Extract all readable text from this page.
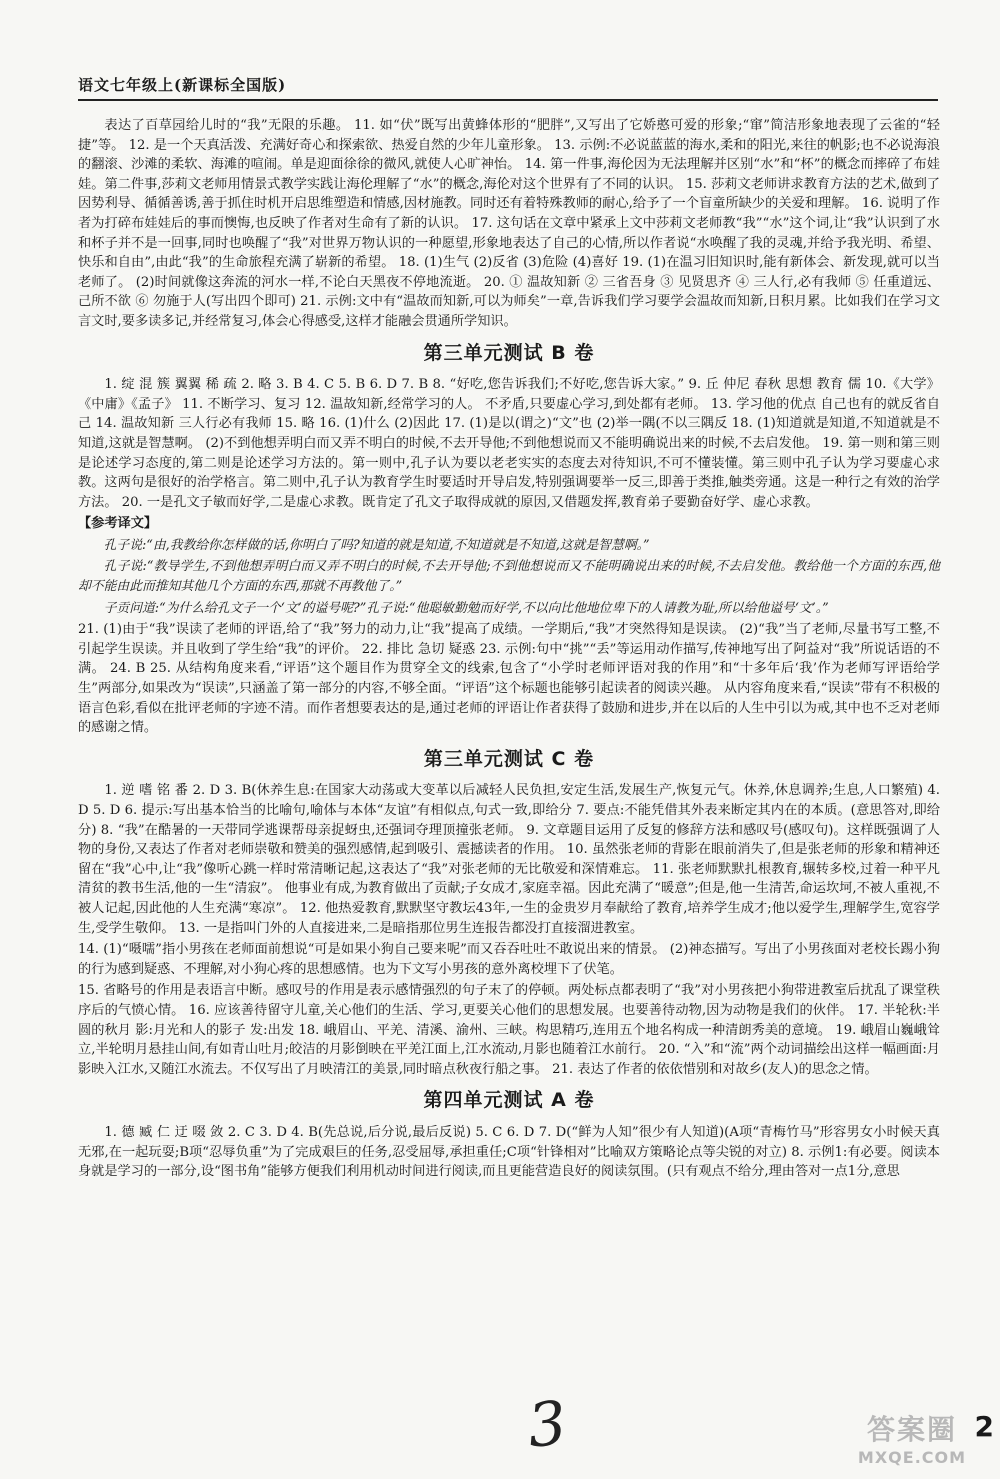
语文七年级上(新课标全国版)

表达了百草园给儿时的“我”无限的乐趣。 11. 如“伏”既写出黄蜂体形的“肥胖”,又写出了它娇憨可爱的形象;“窜”简洁形象地表现了云雀的“轻捷”等。 12. 是一个天真活泼、充满好奇心和探索欲、热爱自然的少年儿童形象。 13. 示例:不必说蓝蓝的海水,柔和的阳光,来往的帆影;也不必说海浪的翻滚、沙滩的柔软、海滩的喧闹。单是迎面徐徐的微风,就使人心旷神怡。 14. 第一件事,海伦因为无法理解并区别“水”和“杯”的概念而摔碎了布娃娃。第二件事,莎莉文老师用情景式教学实践让海伦理解了“水”的概念,海伦对这个世界有了不同的认识。 15. 莎莉文老师讲求教育方法的艺术,做到了因势利导、循循善诱,善于抓住时机开启思维塑造和情感,因材施教。同时还有着特殊教师的耐心,给予了一个盲童所缺少的关爱和理解。 16. 说明了作者为打碎布娃娃后的事而懊悔,也反映了作者对生命有了新的认识。 17. 这句话在文章中紧承上文中莎莉文老师教“我”“水”这个词,让“我”认识到了水和杯子并不是一回事,同时也唤醒了“我”对世界万物认识的一种愿望,形象地表达了自己的心情,所以作者说“水唤醒了我的灵魂,并给予我光明、希望、快乐和自由”,由此“我”的生命旅程充满了崭新的希望。 18. (1)生气 (2)反省 (3)危险 (4)喜好 19. (1)在温习旧知识时,能有新体会、新发现,就可以当老师了。 (2)时间就像这奔流的河水一样,不论白天黑夜不停地流逝。 20. ① 温故知新 ② 三省吾身 ③ 见贤思齐 ④ 三人行,必有我师 ⑤ 任重道远、己所不欲 ⑥ 勿施于人(写出四个即可) 21. 示例:文中有“温故而知新,可以为师矣”一章,告诉我们学习要学会温故而知新,日积月累。比如我们在学习文言文时,要多读多记,并经常复习,体会心得感受,这样才能融会贯通所学知识。

第三单元测试 B 卷

1. 绽 混 簇 翼翼 稀 疏 2. 略 3. B 4. C 5. B 6. D 7. B 8. “好吃,您告诉我们;不好吃,您告诉大家。” 9. 丘 仲尼 春秋 思想 教育 儒 10.《大学》《中庸》《孟子》 11. 不断学习、复习 12. 温故知新,经常学习的人。 不矛盾,只要虚心学习,到处都有老师。 13. 学习他的优点 自己也有的就反省自己 14. 温故知新 三人行必有我师 15. 略 16. (1)什么 (2)因此 17. (1)是以(谓之)“文”也 (2)举一隅(不以三隅反 18. (1)知道就是知道,不知道就是不知道,这就是智慧啊。 (2)不到他想弄明白而又弄不明白的时候,不去开导他;不到他想说而又不能明确说出来的时候,不去启发他。 19. 第一则和第三则是论述学习态度的,第二则是论述学习方法的。第一则中,孔子认为要以老老实实的态度去对待知识,不可不懂装懂。第三则中孔子认为学习要虚心求教。这两句是很好的治学格言。第二则中,孔子认为教育学生时要适时开导启发,特别强调要举一反三,即善于类推,触类旁通。这是一种行之有效的治学方法。 20. 一是孔文子敏而好学,二是虚心求教。既肯定了孔文子取得成就的原因,又借题发挥,教育弟子要勤奋好学、虚心求教。

【参考译文】

孔子说:“由,我教给你怎样做的话,你明白了吗?知道的就是知道,不知道就是不知道,这就是智慧啊。”

孔子说:“教导学生,不到他想弄明白而又弄不明白的时候,不去开导他;不到他想说而又不能明确说出来的时候,不去启发他。教给他一个方面的东西,他却不能由此而推知其他几个方面的东西,那就不再教他了。”

子贡问道:“为什么给孔文子一个‘文’的谥号呢?”孔子说:“他聪敏勤勉而好学,不以向比他地位卑下的人请教为耻,所以给他谥号‘文’。”

21. (1)由于“我”误读了老师的评语,给了“我”努力的动力,让“我”提高了成绩。一学期后,“我”才突然得知是误读。 (2)“我”当了老师,尽量书写工整,不引起学生误读。并且收到了学生给“我”的评价。 22. 排比 急切 疑惑 23. 示例:句中“挑”“丢”等运用动作描写,传神地写出了阿益对“我”所说话语的不满。 24. B 25. 从结构角度来看,“评语”这个题目作为贯穿全文的线索,包含了“小学时老师评语对我的作用”和“十多年后‘我’作为老师写评语给学生”两部分,如果改为“误读”,只涵盖了第一部分的内容,不够全面。“评语”这个标题也能够引起读者的阅读兴趣。 从内容角度来看,“误读”带有不积极的语言色彩,看似在批评老师的字迹不清。而作者想要表达的是,通过老师的评语让作者获得了鼓励和进步,并在以后的人生中引以为戒,其中也不乏对老师的感谢之情。

第三单元测试 C 卷

1. 逆 嗜 铭 番 2. D 3. B(休养生息:在国家大动荡或大变革以后减轻人民负担,安定生活,发展生产,恢复元气。休养,休息调养;生息,人口繁殖) 4. D 5. D 6. 提示:写出基本恰当的比喻句,喻体与本体“友谊”有相似点,句式一致,即给分 7. 要点:不能凭借其外表来断定其内在的本质。(意思答对,即给分) 8. “我”在酷暑的一天带同学逃课帮母亲捉蚜虫,还强词夺理顶撞张老师。 9. 文章题目运用了反复的修辞方法和感叹号(感叹句)。这样既强调了人物的身份,又表达了作者对老师崇敬和赞美的强烈感情,起到吸引、震撼读者的作用。 10. 虽然张老师的背影在眼前消失了,但是张老师的形象和精神还留在“我”心中,让“我”像听心跳一样时常清晰记起,这表达了“我”对张老师的无比敬爱和深情难忘。 11. 张老师默默扎根教育,辗转多校,过着一种平凡清贫的教书生活,他的一生“清寂”。 他事业有成,为教育做出了贡献;子女成才,家庭幸福。因此充满了“暖意”;但是,他一生清苦,命运坎坷,不被人重视,不被人记起,因此他的人生充满“寒凉”。 12. 他热爱教育,默默坚守教坛43年,一生的金贵岁月奉献给了教育,培养学生成才;他以爱学生,理解学生,宽容学生,受学生敬仰。 13. 一是指叫门外的人直接进来,二是暗指那位男生连报告都没打直接溜进教室。

14. (1)“嗫嚅”指小男孩在老师面前想说“可是如果小狗自己要来呢”而又吞吞吐吐不敢说出来的情景。 (2)神态描写。写出了小男孩面对老校长踢小狗的行为感到疑惑、不理解,对小狗心疼的思想感情。也为下文写小男孩的意外离校埋下了伏笔。

15. 省略号的作用是表语言中断。感叹号的作用是表示感情强烈的句子末了的停顿。两处标点都表明了“我”对小男孩把小狗带进教室后扰乱了课堂秩序后的气愤心情。 16. 应该善待留守儿童,关心他们的生活、学习,更要关心他们的思想发展。也要善待动物,因为动物是我们的伙伴。 17. 半轮秋:半圆的秋月 影:月光和人的影子 发:出发 18. 峨眉山、平羌、清溪、渝州、三峡。构思精巧,连用五个地名构成一种清朗秀美的意境。 19. 峨眉山巍峨耸立,半轮明月悬挂山间,有如青山吐月;皎洁的月影倒映在平羌江面上,江水流动,月影也随着江水前行。 20. “入”和“流”两个动词描绘出这样一幅画面:月影映入江水,又随江水流去。不仅写出了月映清江的美景,同时暗点秋夜行船之事。 21. 表达了作者的依依惜别和对故乡(友人)的思念之情。

第四单元测试 A 卷

1. 德 臧 仁 迂 啜 敛 2. C 3. D 4. B(先总说,后分说,最后反说) 5. C 6. D 7. D(“鲜为人知”很少有人知道)(A项“青梅竹马”形容男女小时候天真无邪,在一起玩耍;B项“忍辱负重”为了完成艰巨的任务,忍受屈辱,承担重任;C项“针锋相对”比喻双方策略论点等尖锐的对立) 8. 示例1:有必要。阅读本身就是学习的一部分,设“图书角”能够方便我们利用机动时间进行阅读,而且更能营造良好的阅读氛围。(只有观点不给分,理由答对一点1分,意思

3	答案圈
MXQE.COM
2
